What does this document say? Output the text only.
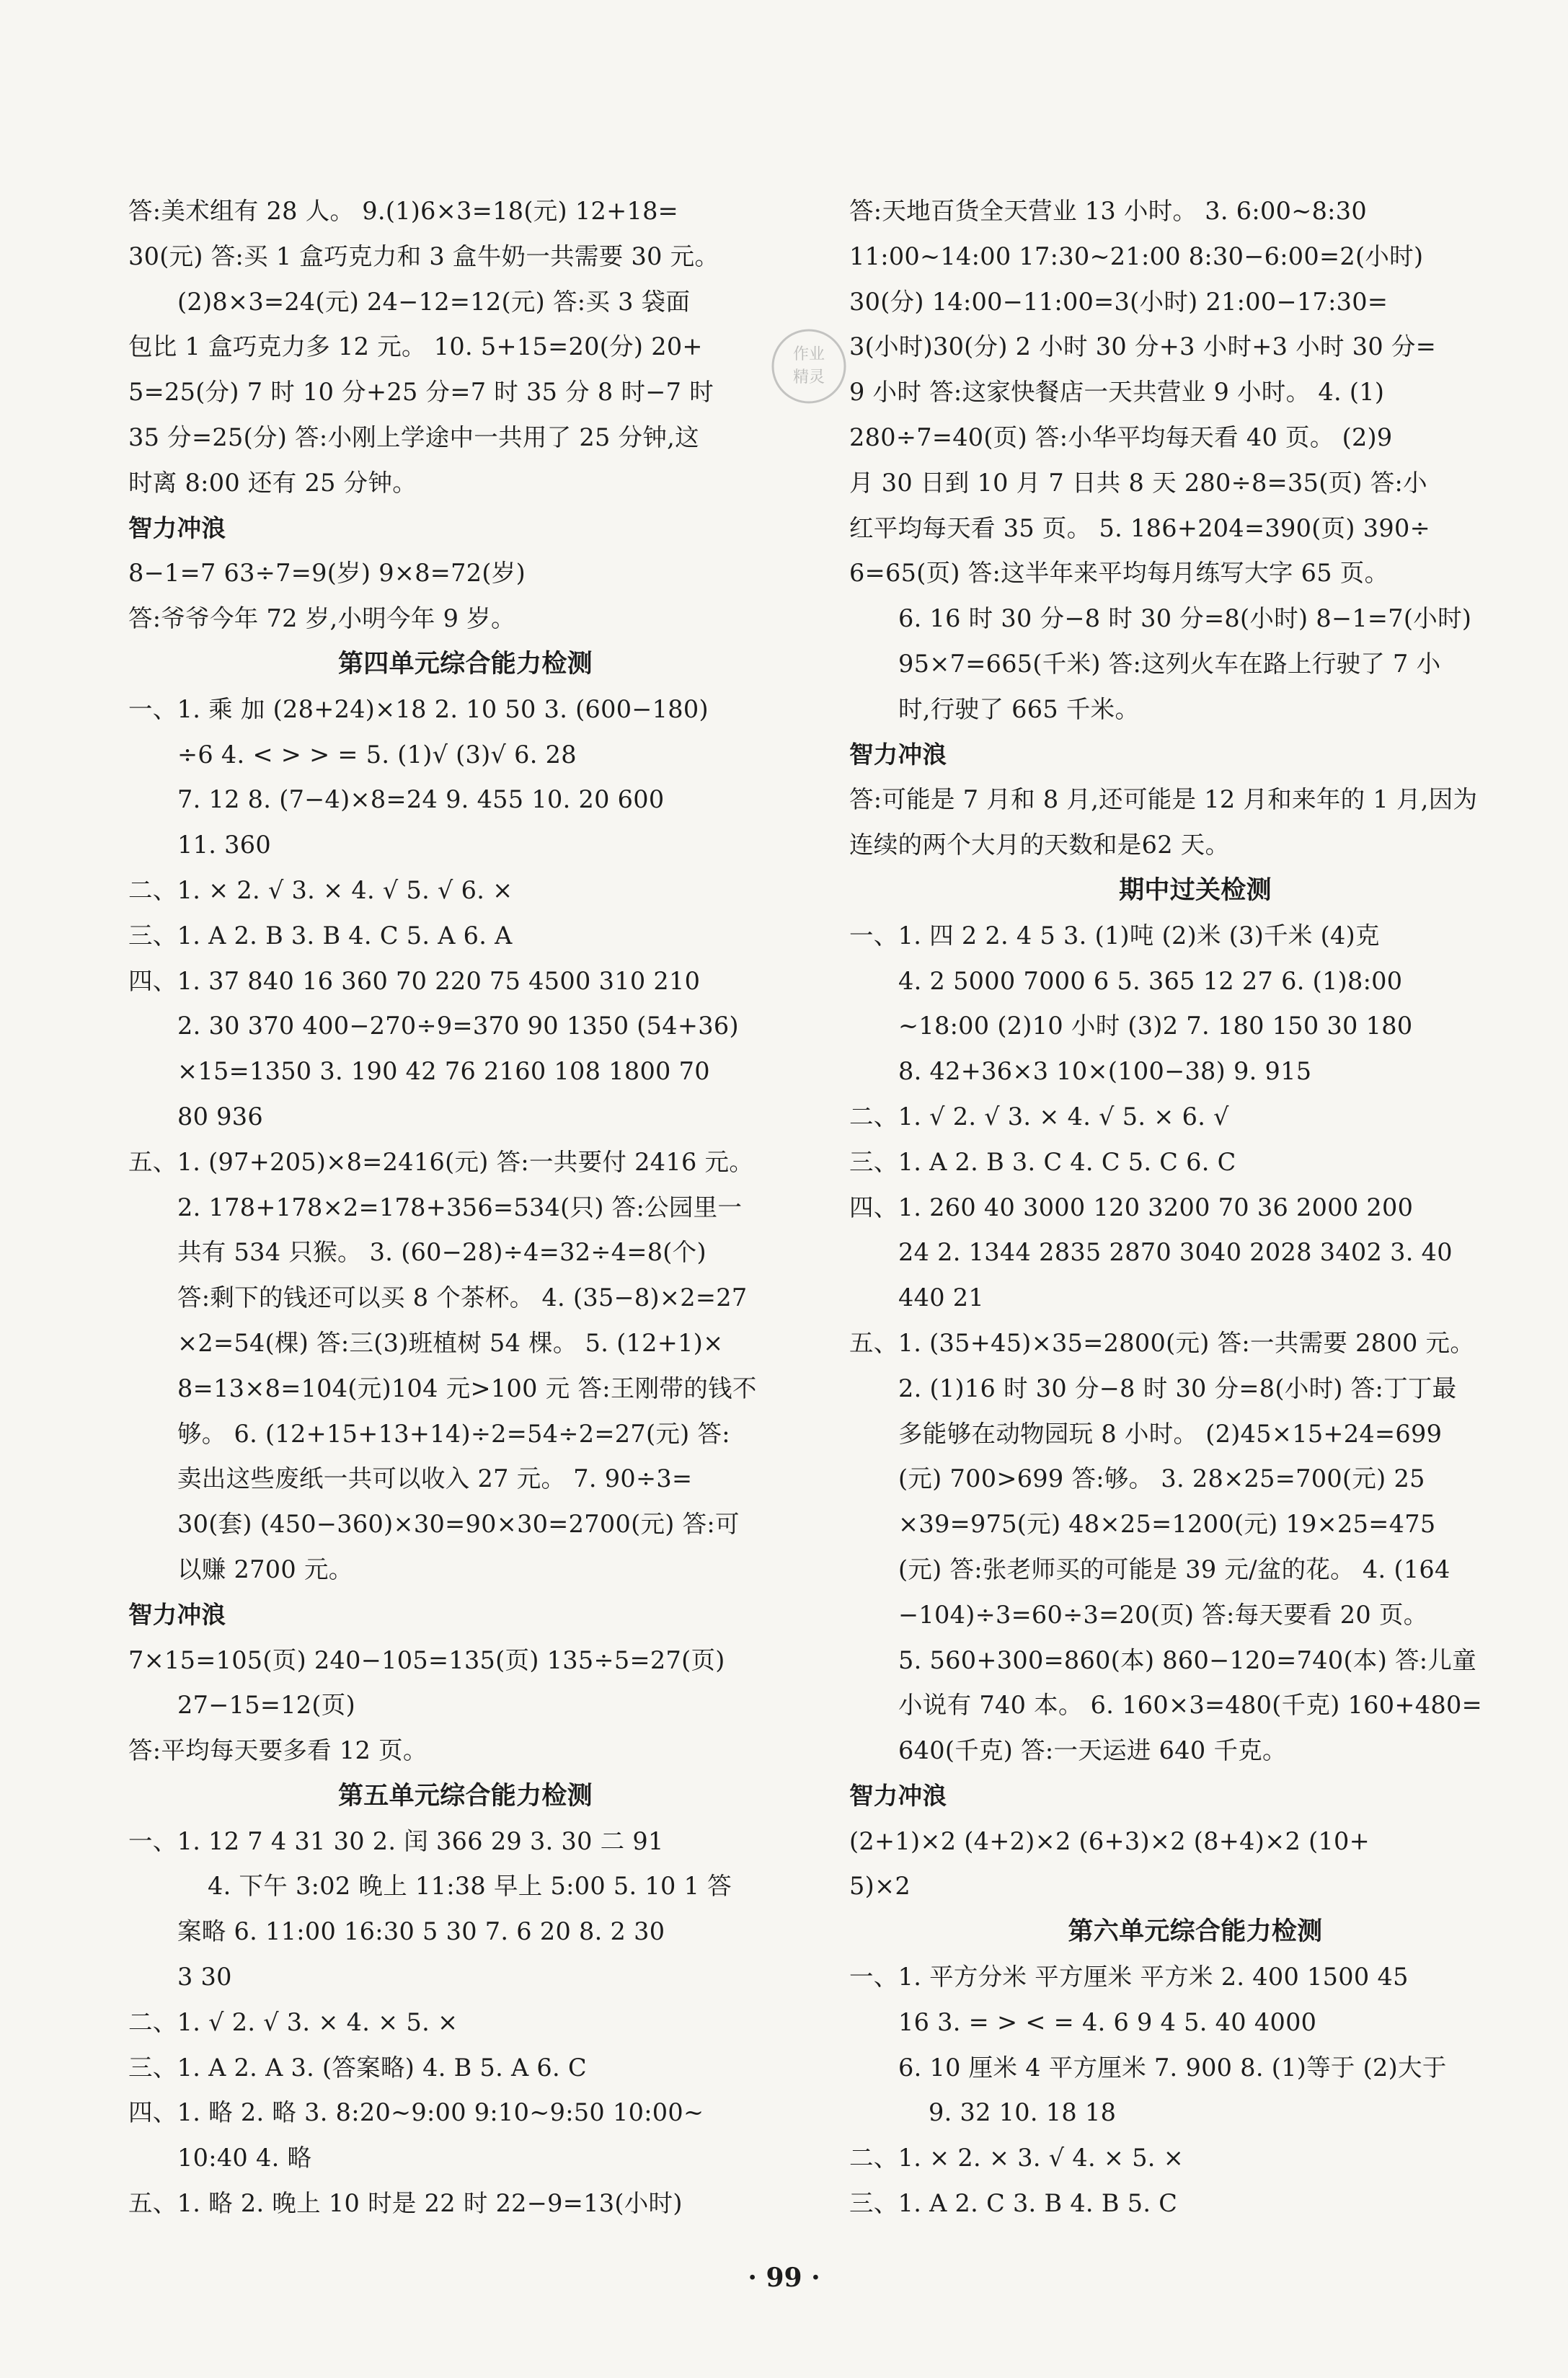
答:美术组有 28 人。 9.(1)6×3=18(元) 12+18=
30(元) 答:买 1 盒巧克力和 3 盒牛奶一共需要 30 元。
(2)8×3=24(元) 24−12=12(元) 答:买 3 袋面
包比 1 盒巧克力多 12 元。 10. 5+15=20(分) 20+
5=25(分) 7 时 10 分+25 分=7 时 35 分 8 时−7 时
35 分=25(分) 答:小刚上学途中一共用了 25 分钟,这
时离 8:00 还有 25 分钟。
智力冲浪
8−1=7 63÷7=9(岁) 9×8=72(岁)
答:爷爷今年 72 岁,小明今年 9 岁。
第四单元综合能力检测
一、1. 乘 加 (28+24)×18 2. 10 50 3. (600−180)
÷6 4. < > > = 5. (1)√ (3)√ 6. 28
7. 12 8. (7−4)×8=24 9. 455 10. 20 600
11. 360
二、1. × 2. √ 3. × 4. √ 5. √ 6. ×
三、1. A 2. B 3. B 4. C 5. A 6. A
四、1. 37 840 16 360 70 220 75 4500 310 210
2. 30 370 400−270÷9=370 90 1350 (54+36)
×15=1350 3. 190 42 76 2160 108 1800 70
80 936
五、1. (97+205)×8=2416(元) 答:一共要付 2416 元。
2. 178+178×2=178+356=534(只) 答:公园里一
共有 534 只猴。 3. (60−28)÷4=32÷4=8(个)
答:剩下的钱还可以买 8 个茶杯。 4. (35−8)×2=27
×2=54(棵) 答:三(3)班植树 54 棵。 5. (12+1)×
8=13×8=104(元)104 元>100 元 答:王刚带的钱不
够。 6. (12+15+13+14)÷2=54÷2=27(元) 答:
卖出这些废纸一共可以收入 27 元。 7. 90÷3=
30(套) (450−360)×30=90×30=2700(元) 答:可
以赚 2700 元。
智力冲浪
7×15=105(页) 240−105=135(页) 135÷5=27(页)
27−15=12(页)
答:平均每天要多看 12 页。
第五单元综合能力检测
一、1. 12 7 4 31 30 2. 闰 366 29 3. 30 二 91
4. 下午 3:02 晚上 11:38 早上 5:00 5. 10 1 答
案略 6. 11:00 16:30 5 30 7. 6 20 8. 2 30
3 30
二、1. √ 2. √ 3. × 4. × 5. ×
三、1. A 2. A 3. (答案略) 4. B 5. A 6. C
四、1. 略 2. 略 3. 8:20~9:00 9:10~9:50 10:00~
10:40 4. 略
五、1. 略 2. 晚上 10 时是 22 时 22−9=13(小时)
答:天地百货全天营业 13 小时。 3. 6:00~8:30
11:00~14:00 17:30~21:00 8:30−6:00=2(小时)
30(分) 14:00−11:00=3(小时) 21:00−17:30=
3(小时)30(分) 2 小时 30 分+3 小时+3 小时 30 分=
9 小时 答:这家快餐店一天共营业 9 小时。 4. (1)
280÷7=40(页) 答:小华平均每天看 40 页。 (2)9
月 30 日到 10 月 7 日共 8 天 280÷8=35(页) 答:小
红平均每天看 35 页。 5. 186+204=390(页) 390÷
6=65(页) 答:这半年来平均每月练写大字 65 页。
6. 16 时 30 分−8 时 30 分=8(小时) 8−1=7(小时)
95×7=665(千米) 答:这列火车在路上行驶了 7 小
时,行驶了 665 千米。
智力冲浪
答:可能是 7 月和 8 月,还可能是 12 月和来年的 1 月,因为
连续的两个大月的天数和是62 天。
期中过关检测
一、1. 四 2 2. 4 5 3. (1)吨 (2)米 (3)千米 (4)克
4. 2 5000 7000 6 5. 365 12 27 6. (1)8:00
~18:00 (2)10 小时 (3)2 7. 180 150 30 180
8. 42+36×3 10×(100−38) 9. 915
二、1. √ 2. √ 3. × 4. √ 5. × 6. √
三、1. A 2. B 3. C 4. C 5. C 6. C
四、1. 260 40 3000 120 3200 70 36 2000 200
24 2. 1344 2835 2870 3040 2028 3402 3. 40
440 21
五、1. (35+45)×35=2800(元) 答:一共需要 2800 元。
2. (1)16 时 30 分−8 时 30 分=8(小时) 答:丁丁最
多能够在动物园玩 8 小时。 (2)45×15+24=699
(元) 700>699 答:够。 3. 28×25=700(元) 25
×39=975(元) 48×25=1200(元) 19×25=475
(元) 答:张老师买的可能是 39 元/盆的花。 4. (164
−104)÷3=60÷3=20(页) 答:每天要看 20 页。
5. 560+300=860(本) 860−120=740(本) 答:儿童
小说有 740 本。 6. 160×3=480(千克) 160+480=
640(千克) 答:一天运进 640 千克。
智力冲浪
(2+1)×2 (4+2)×2 (6+3)×2 (8+4)×2 (10+
5)×2
第六单元综合能力检测
一、1. 平方分米 平方厘米 平方米 2. 400 1500 45
16 3. = > < = 4. 6 9 4 5. 40 4000
6. 10 厘米 4 平方厘米 7. 900 8. (1)等于 (2)大于
9. 32 10. 18 18
二、1. × 2. × 3. √ 4. × 5. ×
三、1. A 2. C 3. B 4. B 5. C
作业
精灵
· 99 ·
